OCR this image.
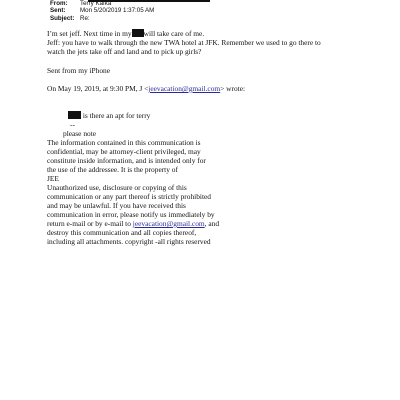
From: Terry Kafka
Sent: Mon 5/20/2019 1:37:05 AM
Subject: Re:
I’m set jeff. Next time in my will take care of me.
Jeff: you have to walk through the new TWA hotel at JFK. Remember we used to go there to
watch the jets take off and land and to pick up girls?
Sent from my iPhone
On May 19, 2019, at 9:30 PM, J <jeevacation@gmail.com> wrote:
is there an apt for terry
--
please note
The information contained in this communication is
confidential, may be attorney-client privileged, may
constitute inside information, and is intended only for
the use of the addressee. It is the property of
JEE
Unauthorized use, disclosure or copying of this
communication or any part thereof is strictly prohibited
and may be unlawful. If you have received this
communication in error, please notify us immediately by
return e-mail or by e-mail to jeevacation@gmail.com, and
destroy this communication and all copies thereof,
including all attachments. copyright -all rights reserved
